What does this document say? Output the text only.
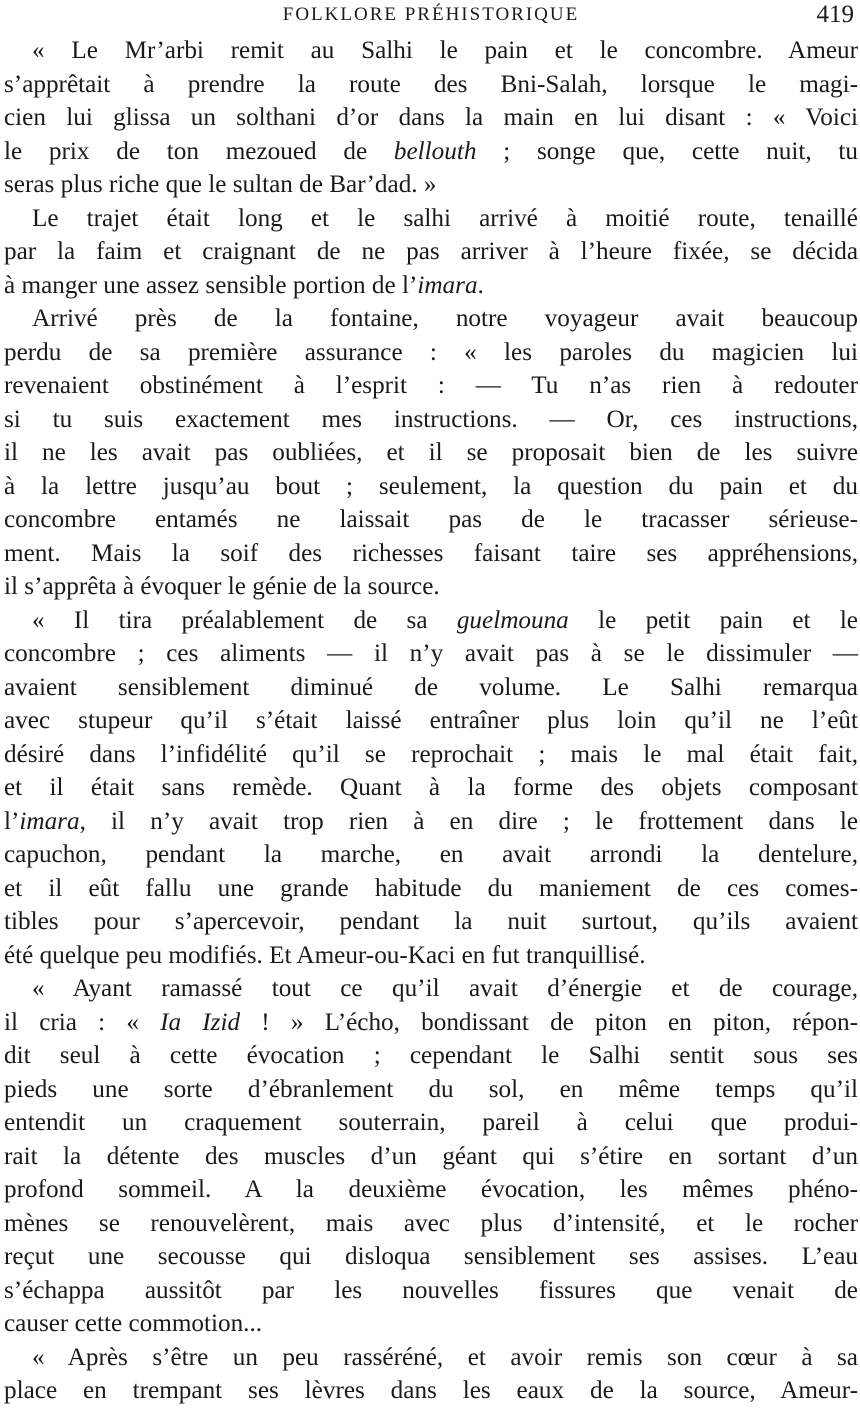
FOLKLORE PRÉHISTORIQUE	419

« Le Mr’arbi remit au Salhi le pain et le concombre. Ameur
s’apprêtait à prendre la route des Bni-Salah, lorsque le magi-
cien lui glissa un solthani d’or dans la main en lui disant : « Voici
le prix de ton mezoued de bellouth ; songe que, cette nuit, tu
seras plus riche que le sultan de Bar’dad. »

Le trajet était long et le salhi arrivé à moitié route, tenaillé
par la faim et craignant de ne pas arriver à l’heure fixée, se décida
à manger une assez sensible portion de l’imara.

Arrivé près de la fontaine, notre voyageur avait beaucoup
perdu de sa première assurance : « les paroles du magicien lui
revenaient obstinément à l’esprit : — Tu n’as rien à redouter
si tu suis exactement mes instructions. — Or, ces instructions,
il ne les avait pas oubliées, et il se proposait bien de les suivre
à la lettre jusqu’au bout ; seulement, la question du pain et du
concombre entamés ne laissait pas de le tracasser sérieuse-
ment. Mais la soif des richesses faisant taire ses appréhensions,
il s’apprêta à évoquer le génie de la source.

« Il tira préalablement de sa guelmouna le petit pain et le
concombre ; ces aliments — il n’y avait pas à se le dissimuler —
avaient sensiblement diminué de volume. Le Salhi remarqua
avec stupeur qu’il s’était laissé entraîner plus loin qu’il ne l’eût
désiré dans l’infidélité qu’il se reprochait ; mais le mal était fait,
et il était sans remède. Quant à la forme des objets composant
l’imara, il n’y avait trop rien à en dire ; le frottement dans le
capuchon, pendant la marche, en avait arrondi la dentelure,
et il eût fallu une grande habitude du maniement de ces comes-
tibles pour s’apercevoir, pendant la nuit surtout, qu’ils avaient
été quelque peu modifiés. Et Ameur-ou-Kaci en fut tranquillisé.

« Ayant ramassé tout ce qu’il avait d’énergie et de courage,
il cria : « Ia Izid ! » L’écho, bondissant de piton en piton, répon-
dit seul à cette évocation ; cependant le Salhi sentit sous ses
pieds une sorte d’ébranlement du sol, en même temps qu’il
entendit un craquement souterrain, pareil à celui que produi-
rait la détente des muscles d’un géant qui s’étire en sortant d’un
profond sommeil. A la deuxième évocation, les mêmes phéno-
mènes se renouvelèrent, mais avec plus d’intensité, et le rocher
reçut une secousse qui disloqua sensiblement ses assises. L’eau
s’échappa aussitôt par les nouvelles fissures que venait de
causer cette commotion...

« Après s’être un peu rasséréné, et avoir remis son cœur à sa
place en trempant ses lèvres dans les eaux de la source, Ameur-
